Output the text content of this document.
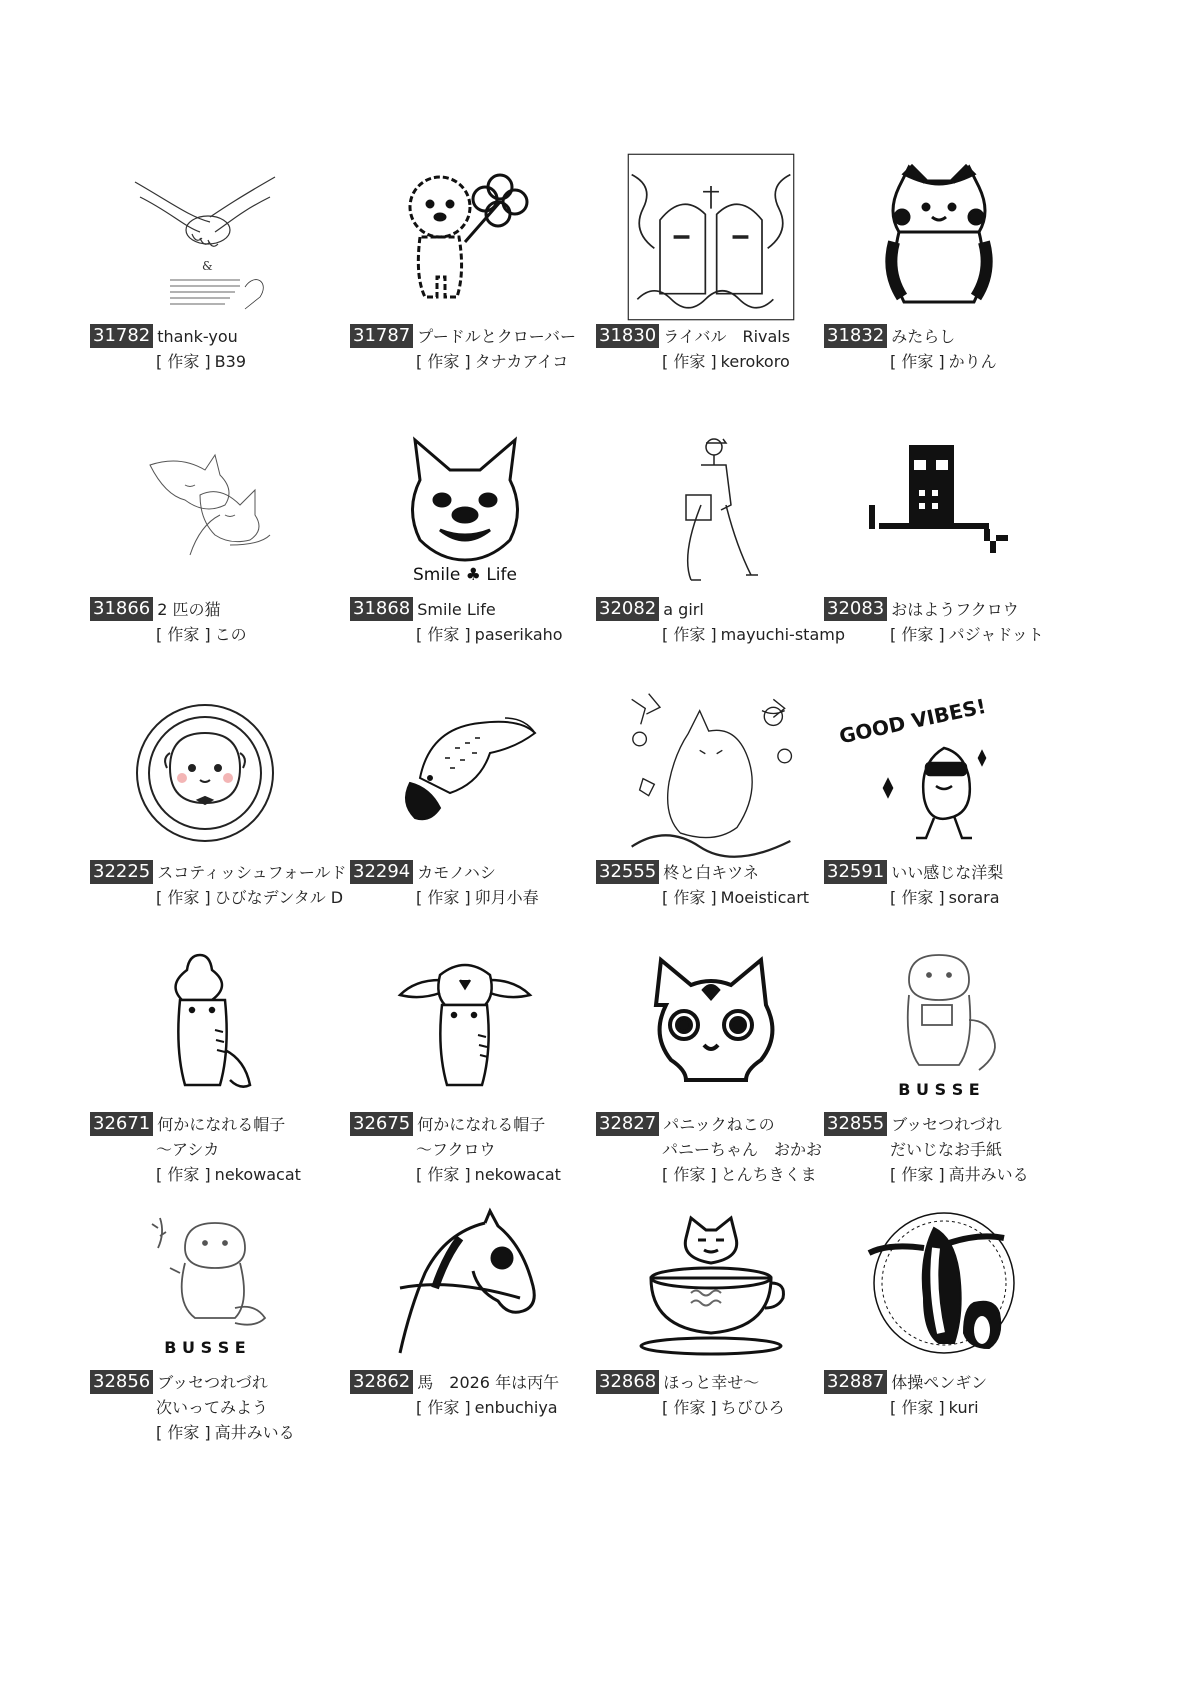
&
31782 thank-you
[ 作家 ] B39
31787 プードルとクローバー
[ 作家 ] タナカアイコ
31830 ライバル　Rivals
[ 作家 ] kerokoro
31832 みたらし
[ 作家 ] かりん
31866 2 匹の猫
[ 作家 ] この
Smile ♣ Life
31868 Smile Life
[ 作家 ] paserikaho
32082 a girl
[ 作家 ] mayuchi-stamp
32083 おはようフクロウ
[ 作家 ] パジャドット
32225 スコティッシュフォールド
[ 作家 ] ひびなデンタル D
32294 カモノハシ
[ 作家 ] 卯月小春
32555 柊と白キツネ
[ 作家 ] Moeisticart
GOOD VIBES!
32591 いい感じな洋梨
[ 作家 ] sorara
32671 何かになれる帽子
～アシカ
[ 作家 ] nekowacat
32675 何かになれる帽子
～フクロウ
[ 作家 ] nekowacat
32827 パニックねこの
パニーちゃん　おかお
[ 作家 ] とんちきくま
B U S S E
32855 ブッセつれづれ
だいじなお手紙
[ 作家 ] 高井みいる
B U S S E
32856 ブッセつれづれ
次いってみよう
[ 作家 ] 高井みいる
32862 馬　2026 年は丙午
[ 作家 ] enbuchiya
32868 ほっと幸せ～
[ 作家 ] ちびひろ
32887 体操ペンギン
[ 作家 ] kuri
